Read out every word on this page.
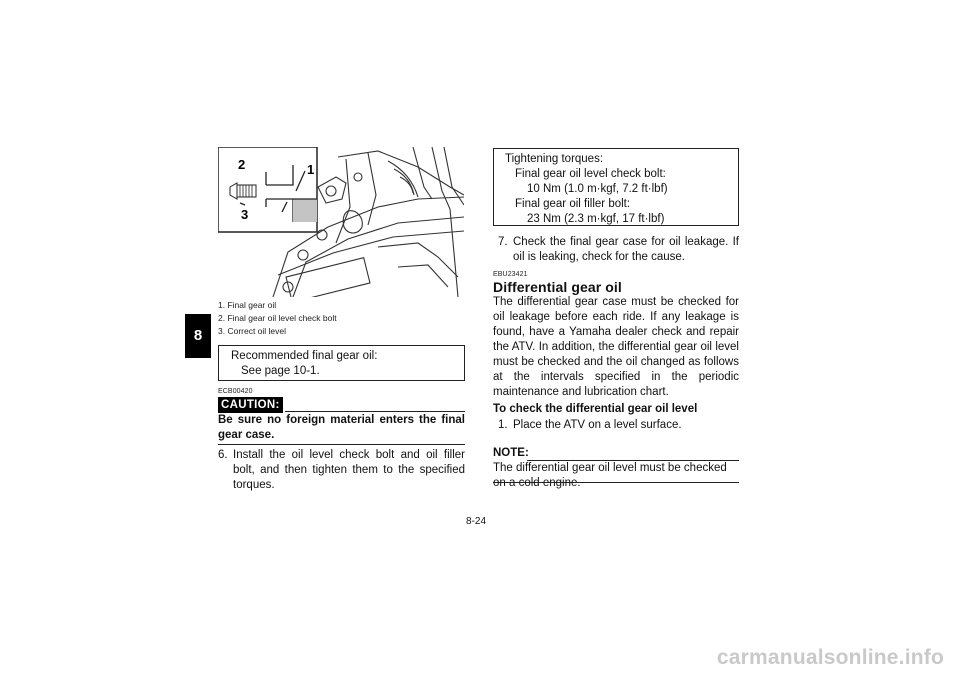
8
2	1
3
1. Final gear oil
2. Final gear oil level check bolt
3. Correct oil level
Recommended final gear oil:
See page 10-1.
ECB00420
CAUTION:
Be sure no foreign material enters the final gear case.
6. Install the oil level check bolt and oil filler bolt, and then tighten them to the specified torques.
Tightening torques:
Final gear oil level check bolt:
10 Nm (1.0 m·kgf, 7.2 ft·lbf)
Final gear oil filler bolt:
23 Nm (2.3 m·kgf, 17 ft·lbf)
7. Check the final gear case for oil leakage. If oil is leaking, check for the cause.
EBU23421
Differential gear oil
The differential gear case must be checked for oil leakage before each ride. If any leakage is found, have a Yamaha dealer check and repair the ATV. In addition, the differential gear oil level must be checked and the oil changed as follows at the intervals specified in the periodic maintenance and lubrication chart.
To check the differential gear oil level
1. Place the ATV on a level surface.
NOTE:
The differential gear oil level must be checked on a cold engine.
8-24
carmanualsonline.info
